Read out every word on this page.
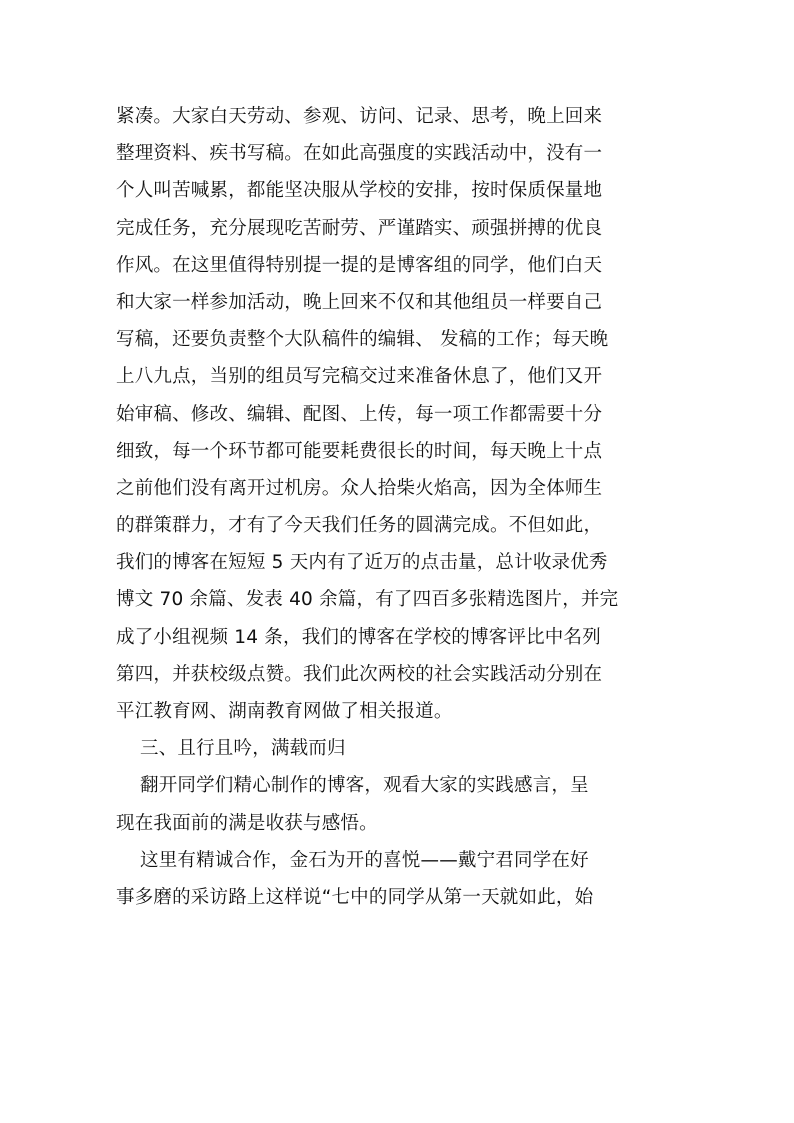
紧凑。大家白天劳动、参观、访问、记录、思考，晚上回来
整理资料、疾书写稿。在如此高强度的实践活动中，没有一
个人叫苦喊累，都能坚决服从学校的安排，按时保质保量地
完成任务，充分展现吃苦耐劳、严谨踏实、顽强拼搏的优良
作风。在这里值得特别提一提的是博客组的同学，他们白天
和大家一样参加活动，晚上回来不仅和其他组员一样要自己
写稿，还要负责整个大队稿件的编辑、 发稿的工作；每天晚
上八九点，当别的组员写完稿交过来准备休息了，他们又开
始审稿、修改、编辑、配图、上传，每一项工作都需要十分
细致，每一个环节都可能要耗费很长的时间，每天晚上十点
之前他们没有离开过机房。众人拾柴火焰高，因为全体师生
的群策群力，才有了今天我们任务的圆满完成。不但如此，
我们的博客在短短 5 天内有了近万的点击量，总计收录优秀
博文 70 余篇、发表 40 余篇，有了四百多张精选图片，并完
成了小组视频 14 条，我们的博客在学校的博客评比中名列
第四，并获校级点赞。我们此次两校的社会实践活动分别在
平江教育网、湖南教育网做了相关报道。
三、且行且吟，满载而归
翻开同学们精心制作的博客，观看大家的实践感言，呈
现在我面前的满是收获与感悟。
这里有精诚合作，金石为开的喜悦——戴宁君同学在好
事多磨的采访路上这样说“七中的同学从第一天就如此，始
